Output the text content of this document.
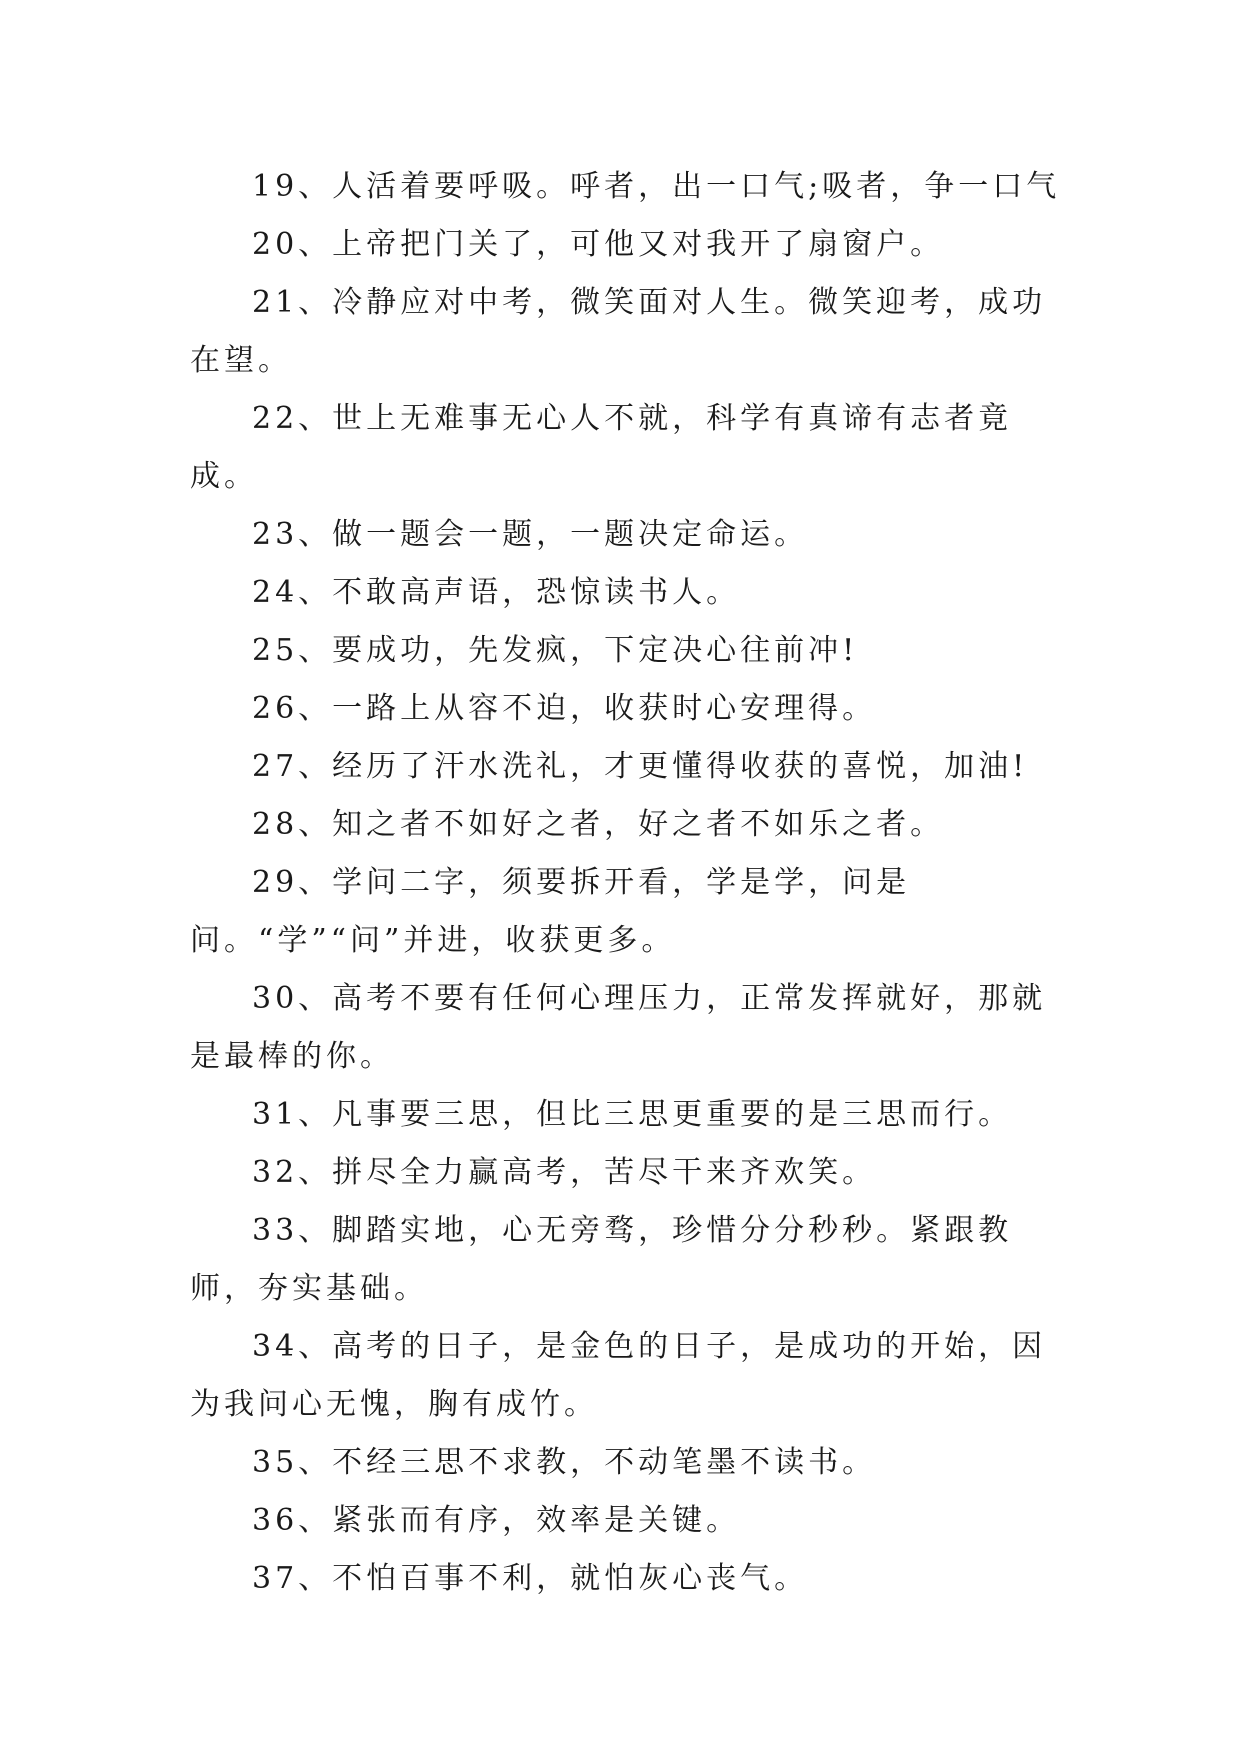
19、人活着要呼吸。呼者，出一口气;吸者，争一口气

20、上帝把门关了，可他又对我开了扇窗户。

21、冷静应对中考，微笑面对人生。微笑迎考，成功在望。

22、世上无难事无心人不就，科学有真谛有志者竟成。

23、做一题会一题，一题决定命运。

24、不敢高声语，恐惊读书人。

25、要成功，先发疯，下定决心往前冲!

26、一路上从容不迫，收获时心安理得。

27、经历了汗水洗礼，才更懂得收获的喜悦，加油!

28、知之者不如好之者，好之者不如乐之者。

29、学问二字，须要拆开看，学是学，问是问。“学”“问”并进，收获更多。

30、高考不要有任何心理压力，正常发挥就好，那就是最棒的你。

31、凡事要三思，但比三思更重要的是三思而行。

32、拼尽全力赢高考，苦尽干来齐欢笑。

33、脚踏实地，心无旁骛，珍惜分分秒秒。紧跟教师，夯实基础。

34、高考的日子，是金色的日子，是成功的开始，因为我问心无愧，胸有成竹。

35、不经三思不求教，不动笔墨不读书。

36、紧张而有序，效率是关键。

37、不怕百事不利，就怕灰心丧气。
